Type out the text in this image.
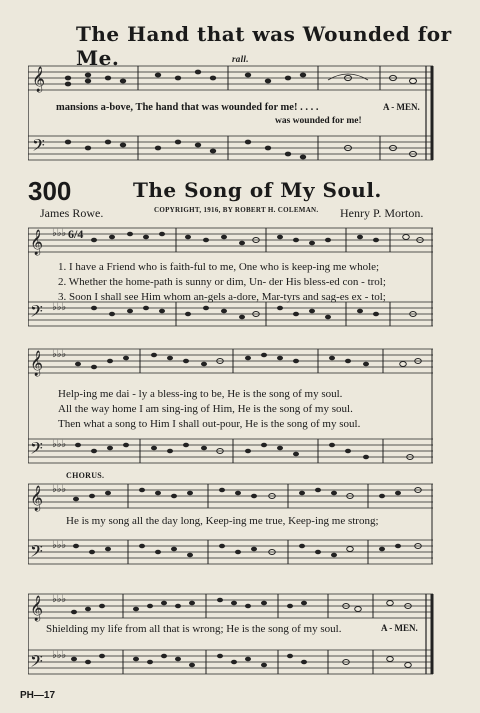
The Hand that was Wounded for Me.
𝄞
𝄢
rall.
mansions a-bove, The hand that was wounded for me! . . . .	A - MEN.
was wounded for me!
300	The Song of My Soul.
COPYRIGHT, 1916, BY ROBERT H. COLEMAN.
James Rowe.	Henry P. Morton.
𝄞
𝄢
♭♭♭
♭♭♭
6/4
1. I have a Friend who is faith-ful to me, One who is keep-ing me whole;
2. Whether the home-path is sunny or dim, Un- der His bless-ed con - trol;
3. Soon I shall see Him whom an-gels a-dore, Mar-tyrs and sag-es ex - tol;
𝄞
𝄢
♭♭♭
♭♭♭
Help-ing me dai - ly a bless-ing to be, He is the song of my soul.
All the way home I am sing-ing of Him, He is the song of my soul.
Then what a song to Him I shall out-pour, He is the song of my soul.
CHORUS.
𝄞
𝄢
♭♭♭
♭♭♭
He is my song all the day long, Keep-ing me true, Keep-ing me strong;
𝄞
𝄢
♭♭♭
♭♭♭
Shielding my life from all that is wrong; He is the song of my soul.	A - MEN.
PH—17
